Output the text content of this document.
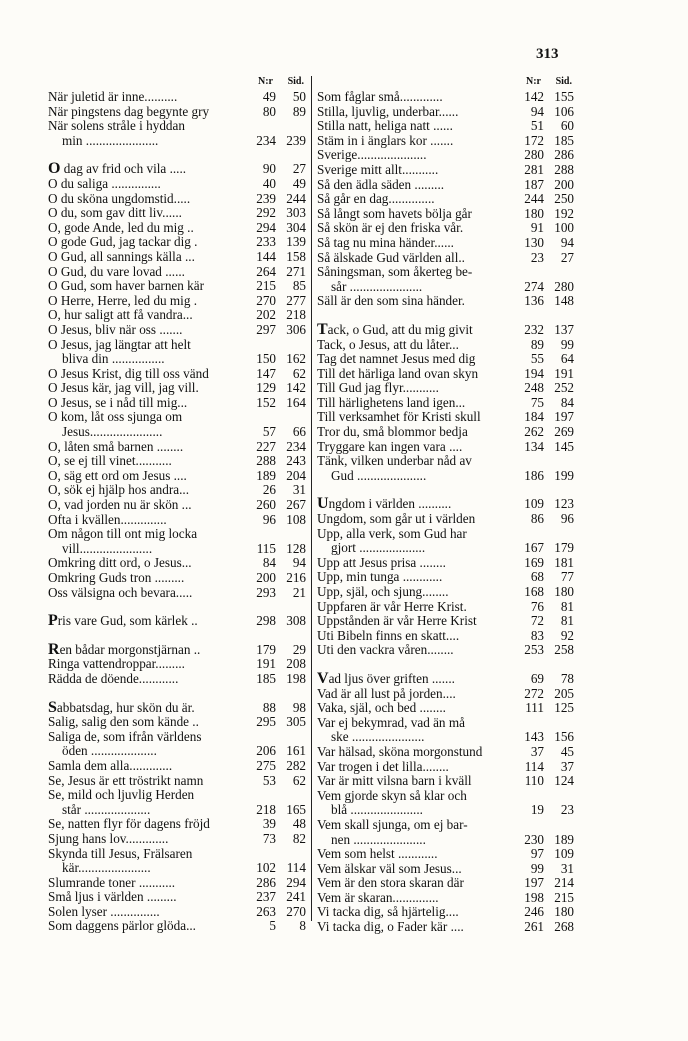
313
N:r Sid.
När juletid är inne..........	49 50
När pingstens dag begynte gry	80 89
När solens stråle i hyddan
min ......................	234 239
O dag av frid och vila .....	90 27
O du saliga ...............	40 49
O du sköna ungdomstid.....	239 244
O du, som gav ditt liv......	292 303
O, gode Ande, led du mig ..	294 304
O gode Gud, jag tackar dig .	233 139
O Gud, all sannings källa ...	144 158
O Gud, du vare lovad ......	264 271
O Gud, som haver barnen kär	215 85
O Herre, Herre, led du mig .	270 277
O, hur saligt att få vandra...	202 218
O Jesus, bliv när oss .......	297 306
O Jesus, jag längtar att helt
bliva din ................	150 162
O Jesus Krist, dig till oss vänd	147 62
O Jesus kär, jag vill, jag vill.	129 142
O Jesus, se i nåd till mig...	152 164
O kom, låt oss sjunga om
Jesus......................	57 66
O, låten små barnen ........	227 234
O, se ej till vinet...........	288 243
O, säg ett ord om Jesus ....	189 204
O, sök ej hjälp hos andra...	26 31
O, vad jorden nu är skön ...	260 267
Ofta i kvällen..............	96 108
Om någon till ont mig locka
vill......................	115 128
Omkring ditt ord, o Jesus...	84 94
Omkring Guds tron .........	200 216
Oss välsigna och bevara.....	293 21
Pris vare Gud, som kärlek ..	298 308
Ren bådar morgonstjärnan ..	179 29
Ringa vattendroppar.........	191 208
Rädda de döende............	185 198
Sabbatsdag, hur skön du är.	88 98
Salig, salig den som kände ..	295 305
Saliga de, som ifrån världens
öden ....................	206 161
Samla dem alla.............	275 282
Se, Jesus är ett tröstrikt namn	53 62
Se, mild och ljuvlig Herden
står ....................	218 165
Se, natten flyr för dagens fröjd	39 48
Sjung hans lov.............	73 82
Skynda till Jesus, Frälsaren
kär......................	102 114
Slumrande toner ...........	286 294
Små ljus i världen .........	237 241
Solen lyser ...............	263 270
Som daggens pärlor glöda...	5 8
N:r Sid.
Som fåglar små.............	142 155
Stilla, ljuvlig, underbar......	94 106
Stilla natt, heliga natt ......	51 60
Stäm in i änglars kor .......	172 185
Sverige.....................	280 286
Sverige mitt allt...........	281 288
Så den ädla säden .........	187 200
Så går en dag..............	244 250
Så långt som havets bölja går	180 192
Så skön är ej den friska vår.	91 100
Så tag nu mina händer......	130 94
Så älskade Gud världen all..	23 27
Såningsman, som åkerteg be-
sår ......................	274 280
Säll är den som sina händer.	136 148
Tack, o Gud, att du mig givit	232 137
Tack, o Jesus, att du låter...	89 99
Tag det namnet Jesus med dig	55 64
Till det härliga land ovan skyn	194 191
Till Gud jag flyr...........	248 252
Till härlighetens land igen...	75 84
Till verksamhet för Kristi skull	184 197
Tror du, små blommor bedja	262 269
Tryggare kan ingen vara ....	134 145
Tänk, vilken underbar nåd av
Gud .....................	186 199
Ungdom i världen ..........	109 123
Ungdom, som går ut i världen	86 96
Upp, alla verk, som Gud har
gjort ....................	167 179
Upp att Jesus prisa ........	169 181
Upp, min tunga ............	68 77
Upp, själ, och sjung........	168 180
Uppfaren är vår Herre Krist.	76 81
Uppstånden är vår Herre Krist	72 81
Uti Bibeln finns en skatt....	83 92
Uti den vackra våren........	253 258
Vad ljus över griften .......	69 78
Vad är all lust på jorden....	272 205
Vaka, själ, och bed ........	111 125
Var ej bekymrad, vad än må
ske ......................	143 156
Var hälsad, sköna morgonstund	37 45
Var trogen i det lilla........	114 37
Var är mitt vilsna barn i kväll	110 124
Vem gjorde skyn så klar och
blå ......................	19 23
Vem skall sjunga, om ej bar-
nen ......................	230 189
Vem som helst ............	97 109
Vem älskar väl som Jesus...	99 31
Vem är den stora skaran där	197 214
Vem är skaran..............	198 215
Vi tacka dig, så hjärtelig....	246 180
Vi tacka dig, o Fader kär ....	261 268
